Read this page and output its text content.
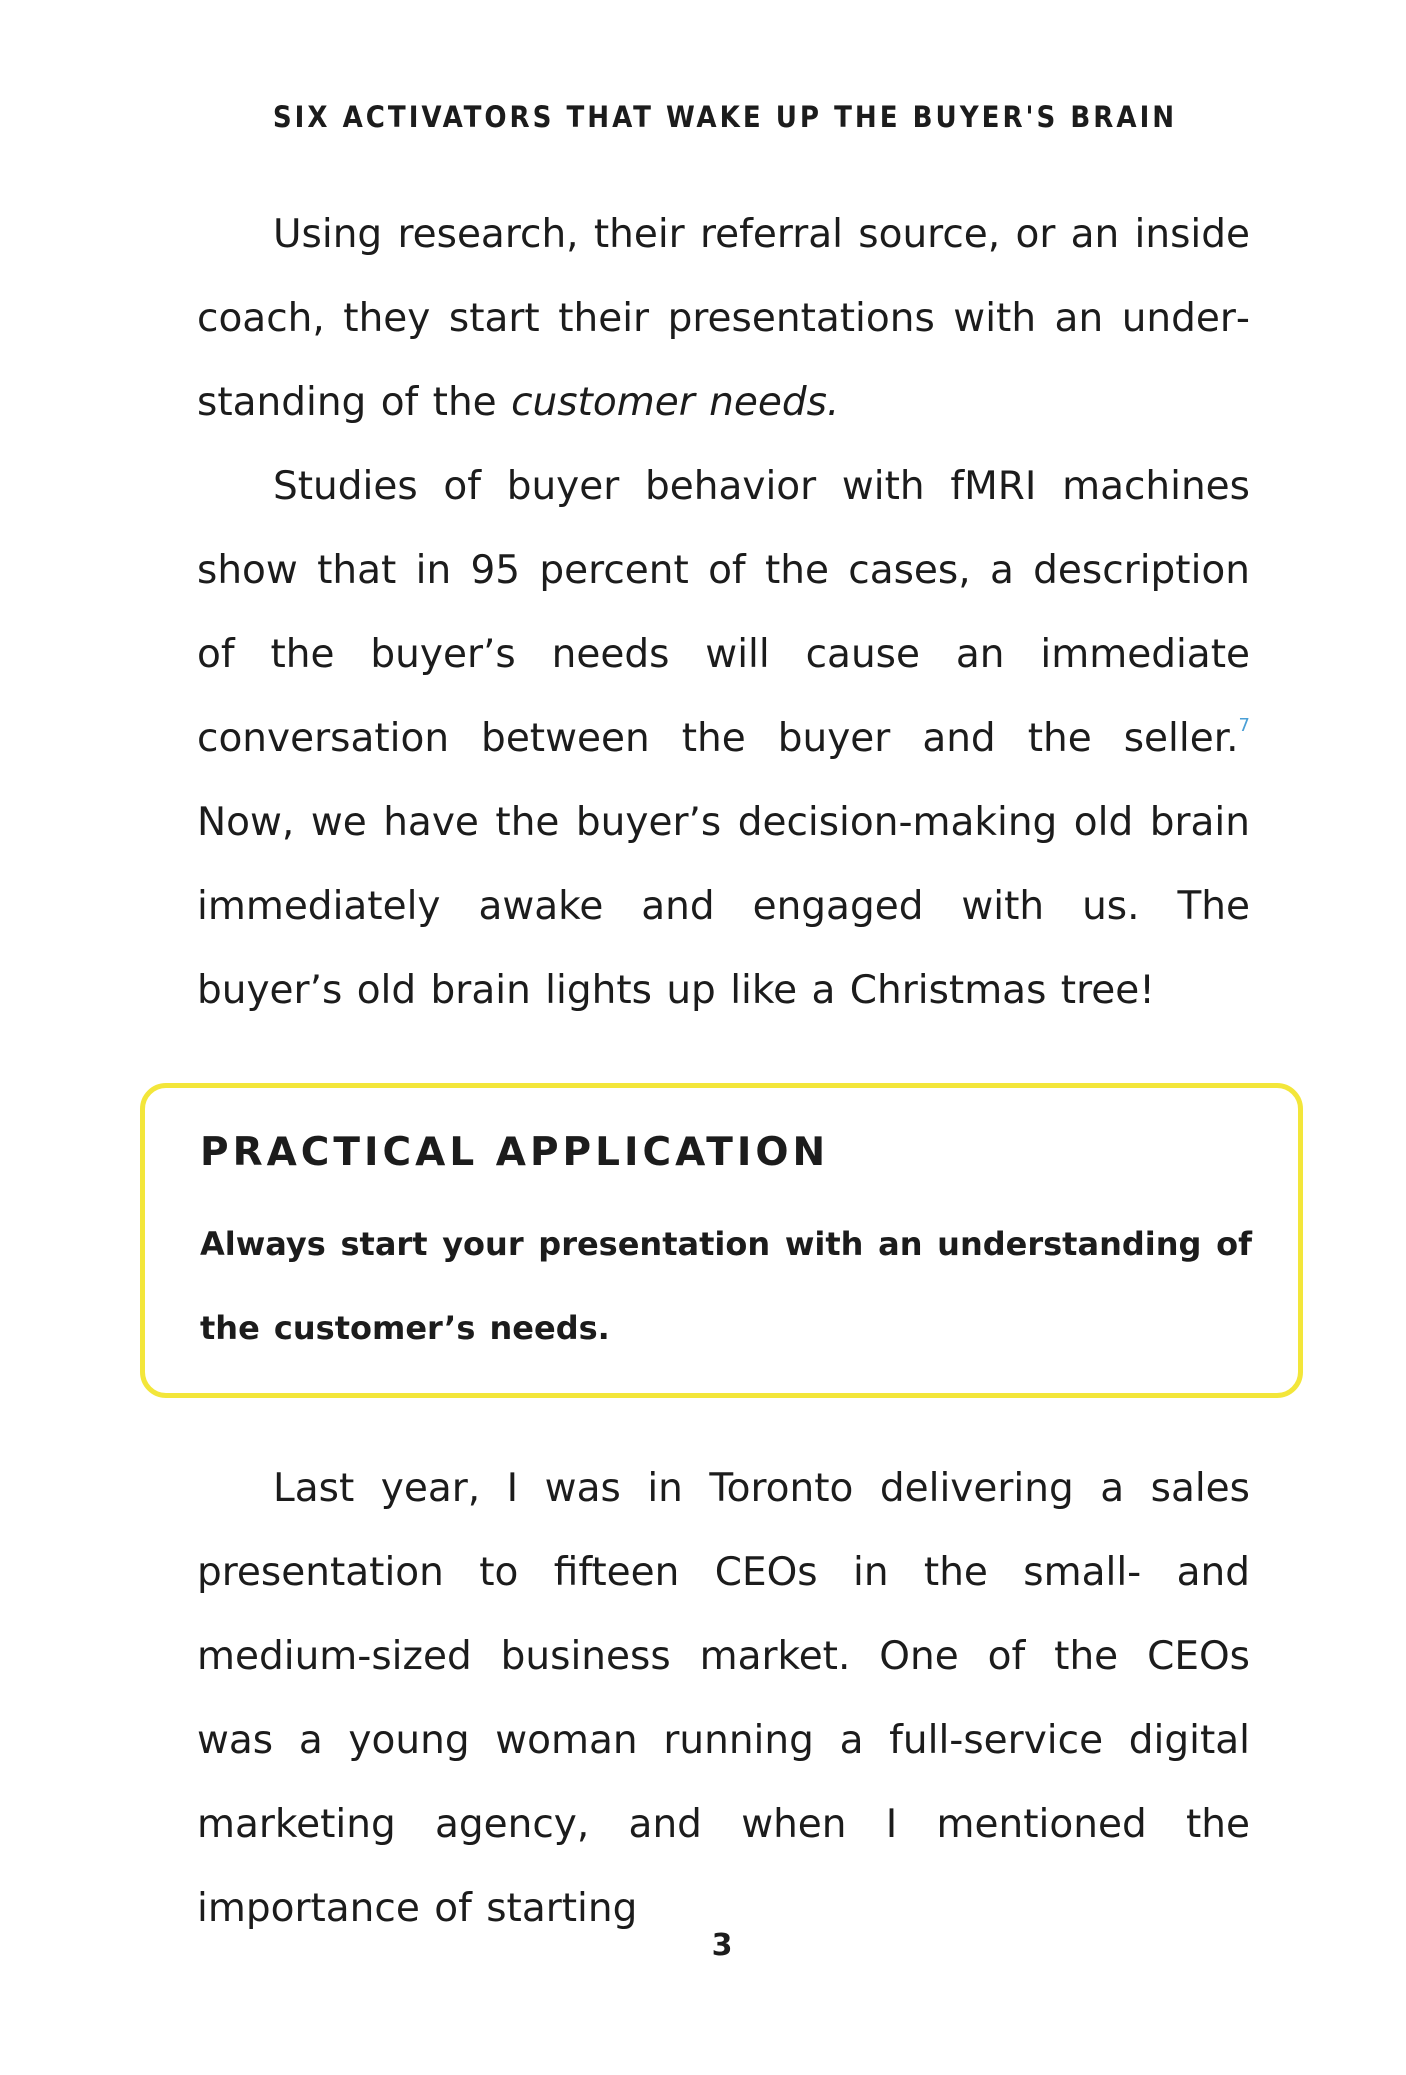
SIX ACTIVATORS THAT WAKE UP THE BUYER'S BRAIN

Using research, their referral source, or an inside coach, they start their presentations with an understanding of the customer needs.

Studies of buyer behavior with fMRI machines show that in 95 percent of the cases, a description of the buyer’s needs will cause an immediate conversation between the buyer and the seller.$^7$ Now, we have the buyer’s decision-making old brain immediately awake and engaged with us. The buyer’s old brain lights up like a Christmas tree!

PRACTICAL APPLICATION

Always start your presentation with an understanding of the customer’s needs.

Last year, I was in Toronto delivering a sales presentation to fifteen CEOs in the small- and medium-sized business market. One of the CEOs was a young woman running a full-service digital marketing agency, and when I mentioned the importance of starting

3
